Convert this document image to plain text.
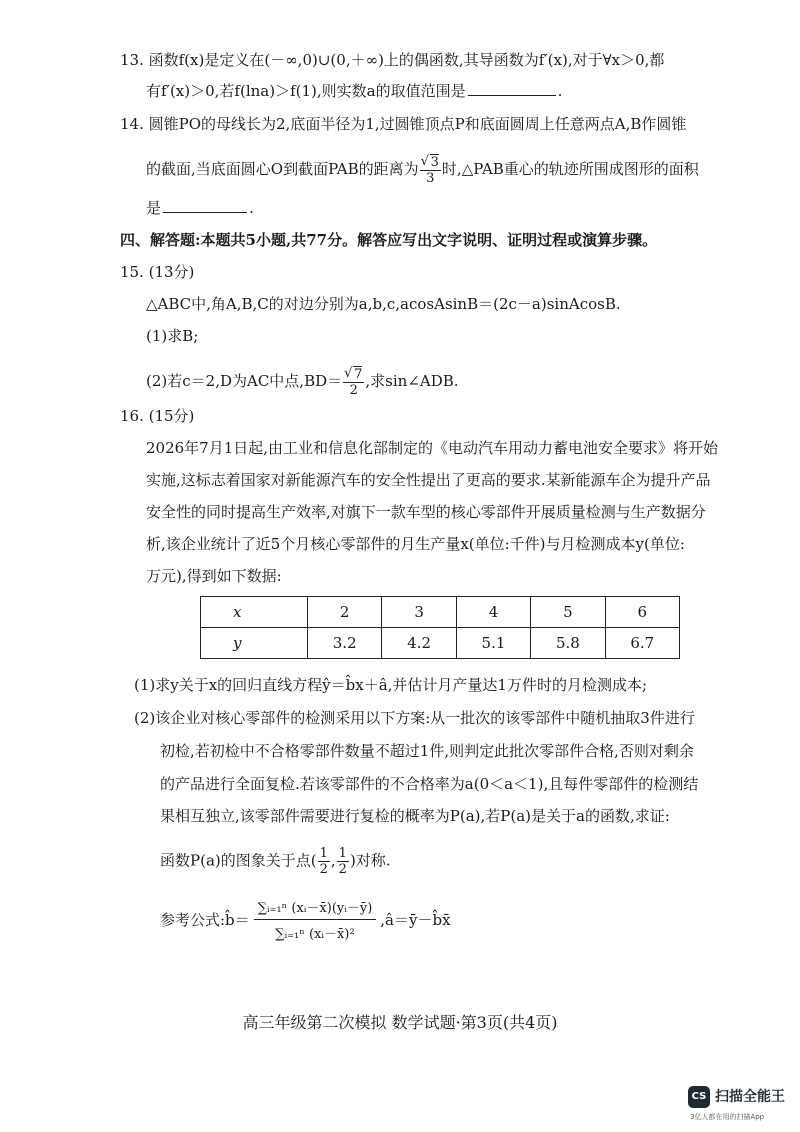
13. 函数f(x)是定义在(－∞,0)∪(0,＋∞)上的偶函数,其导函数为f′(x),对于∀x＞0,都
有f′(x)＞0,若f(lna)＞f(1),则实数a的取值范围是	.
14. 圆锥PO的母线长为2,底面半径为1,过圆锥顶点P和底面圆周上任意两点A,B作圆锥
的截面,当底面圆心O到截面PAB的距离为 √ $\frac{3}{3}$ 时,△PAB重心的轨迹所围成图形的面积
是	.
四、解答题:本题共5小题,共77分。解答应写出文字说明、证明过程或演算步骤。
15. (13分)
△ABC中,角A,B,C的对边分别为a,b,c,acosAsinB＝(2c－a)sinAcosB.
(1)求B;
(2)若c＝2,D为AC中点,BD＝ √ $\frac{7}{2}$ ,求sin∠ADB.
16. (15分)
2026年7月1日起,由工业和信息化部制定的《电动汽车用动力蓄电池安全要求》将开始
实施,这标志着国家对新能源汽车的安全性提出了更高的要求.某新能源车企为提升产品
安全性的同时提高生产效率,对旗下一款车型的核心零部件开展质量检测与生产数据分
析,该企业统计了近5个月核心零部件的月生产量x(单位:千件)与月检测成本y(单位:
万元),得到如下数据:
x	2	3	4	5	6
y	3.2	4.2	5.1	5.8	6.7
(1)求y关于x的回归直线方程ŷ＝b̂x＋â,并估计月产量达1万件时的月检测成本;
(2)该企业对核心零部件的检测采用以下方案:从一批次的该零部件中随机抽取3件进行
初检,若初检中不合格零部件数量不超过1件,则判定此批次零部件合格,否则对剩余
的产品进行全面复检.若该零部件的不合格率为a(0＜a＜1),且每件零部件的检测结
果相互独立,该零部件需要进行复检的概率为P(a),若P(a)是关于a的函数,求证:
函数P(a)的图象关于点( $\frac{1}{2}$ , $\frac{1}{2}$ )对称.
参考公式:b̂＝ $\frac{\text{∑ᵢ₌₁ⁿ (xᵢ－x̄)(yᵢ－ȳ)}}{\text{∑ᵢ₌₁ⁿ (xᵢ－x̄)²}}$ ,â＝ȳ－b̂x̄
高三年级第二次模拟 数学试题·第3页(共4页)
CS 扫描全能王
3亿人都在用的扫描App
